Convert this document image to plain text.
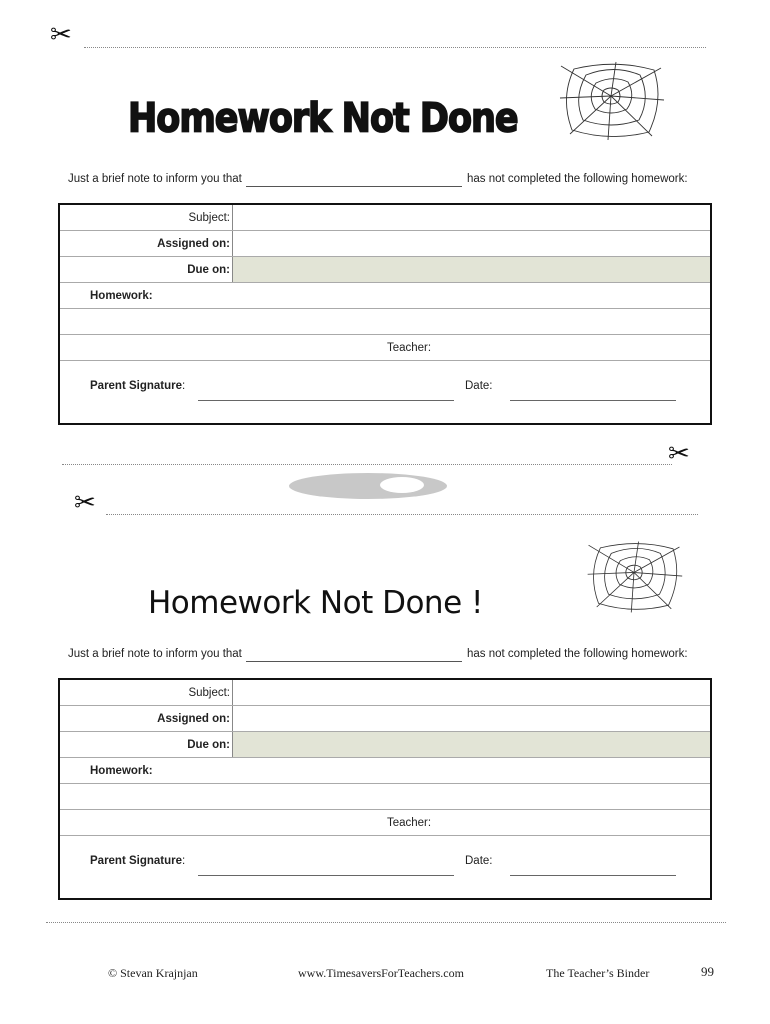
✂
Homework Not Done
Just a brief note to inform you that	has not completed the following homework:
Subject:
Assigned on:
Due on:
Homework:
Teacher:
Parent Signature:	Date:
✂
✂
Homework Not Done !
Just a brief note to inform you that	has not completed the following homework:
Subject:
Assigned on:
Due on:
Homework:
Teacher:
Parent Signature:	Date:
© Stevan Krajnjan	www.TimesaversForTeachers.com	The Teacher’s Binder	99
